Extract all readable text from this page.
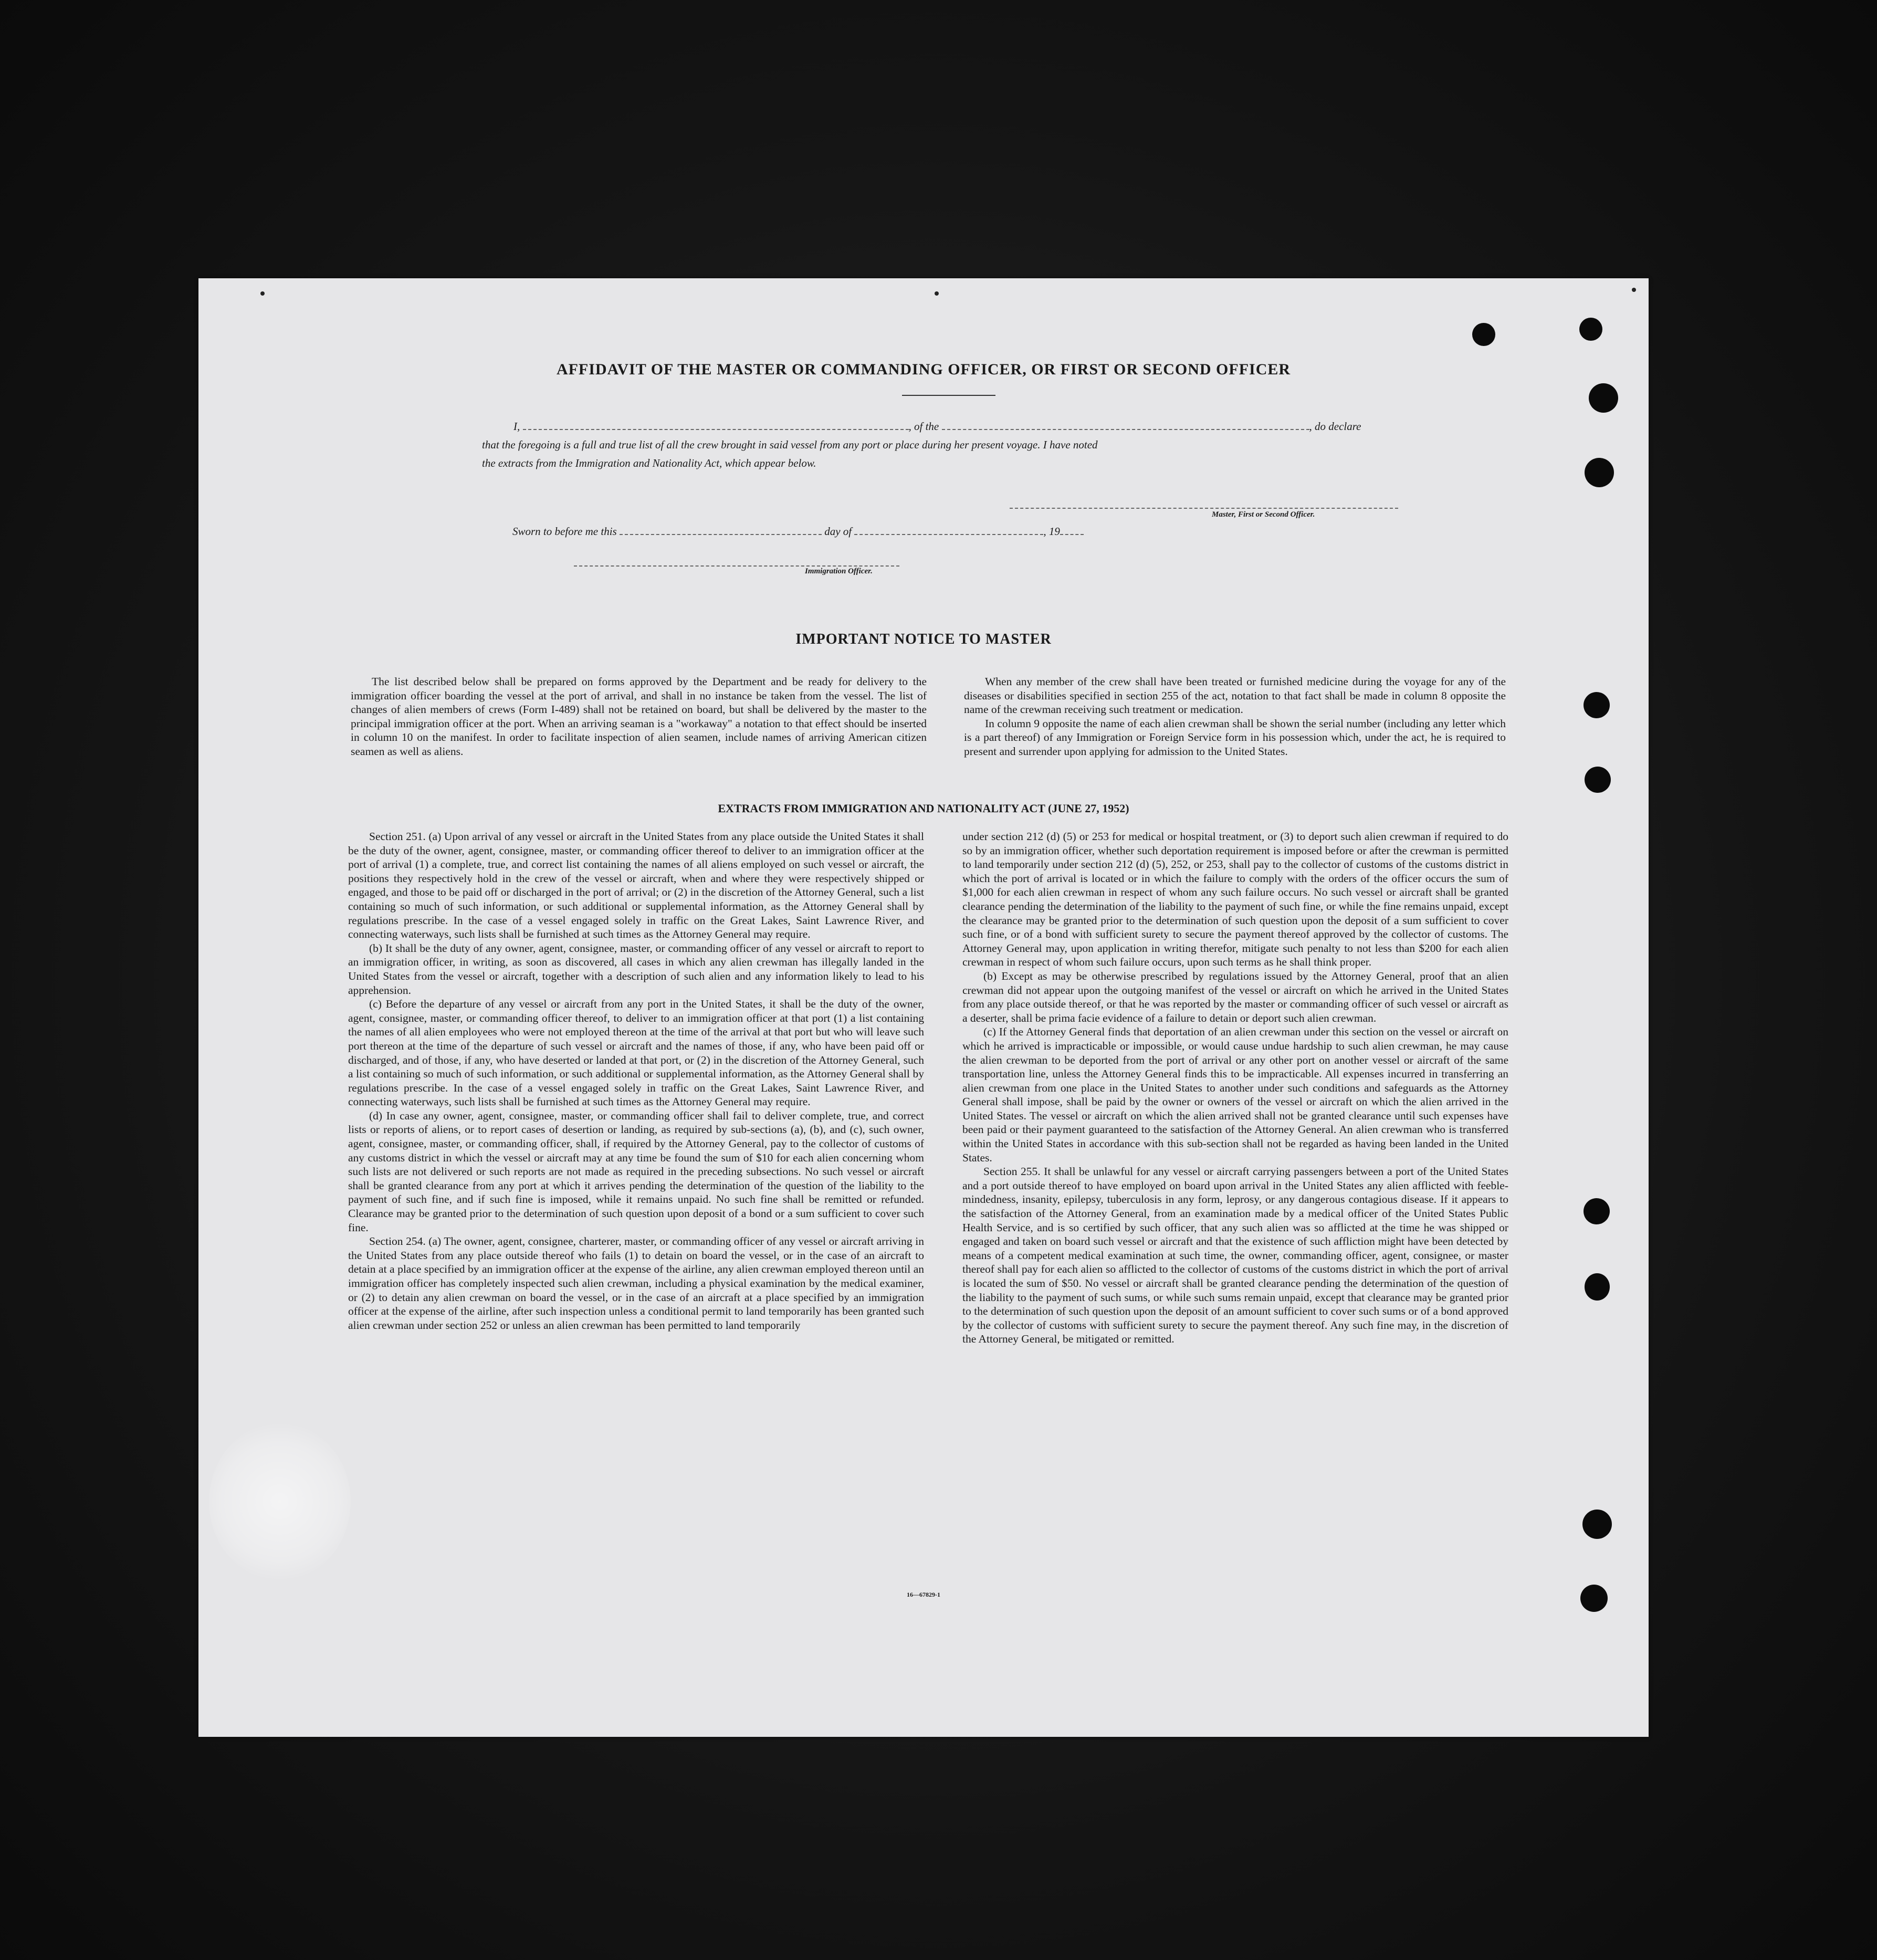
AFFIDAVIT OF THE MASTER OR COMMANDING OFFICER, OR FIRST OR SECOND OFFICER
I,	, of the	, do declare
that the foregoing is a full and true list of all the crew brought in said vessel from any port or place during her present voyage. I have noted
the extracts from the Immigration and Nationality Act, which appear below.
Master, First or Second Officer.
Sworn to before me this	day of	, 19
Immigration Officer.
IMPORTANT NOTICE TO MASTER

The list described below shall be prepared on forms approved by the Department and be ready for delivery to the immigration officer boarding the vessel at the port of arrival, and shall in no instance be taken from the vessel. The list of changes of alien members of crews (Form I-489) shall not be retained on board, but shall be delivered by the master to the principal immigration officer at the port. When an arriving seaman is a "workaway" a notation to that effect should be inserted in column 10 on the manifest. In order to facilitate inspection of alien seamen, include names of arriving American citizen seamen as well as aliens.

When any member of the crew shall have been treated or furnished medicine during the voyage for any of the diseases or disabilities specified in section 255 of the act, notation to that fact shall be made in column 8 opposite the name of the crewman receiving such treatment or medication.

In column 9 opposite the name of each alien crewman shall be shown the serial number (including any letter which is a part thereof) of any Immigration or Foreign Service form in his possession which, under the act, he is required to present and surrender upon applying for admission to the United States.

EXTRACTS FROM IMMIGRATION AND NATIONALITY ACT (JUNE 27, 1952)

Section 251. (a) Upon arrival of any vessel or aircraft in the United States from any place outside the United States it shall be the duty of the owner, agent, consignee, master, or commanding officer thereof to deliver to an immigration officer at the port of arrival (1) a complete, true, and correct list containing the names of all aliens employed on such vessel or aircraft, the positions they respectively hold in the crew of the vessel or aircraft, when and where they were respectively shipped or engaged, and those to be paid off or discharged in the port of arrival; or (2) in the discretion of the Attorney General, such a list containing so much of such information, or such additional or supplemental information, as the Attorney General shall by regulations prescribe. In the case of a vessel engaged solely in traffic on the Great Lakes, Saint Lawrence River, and connecting waterways, such lists shall be furnished at such times as the Attorney General may require.

(b) It shall be the duty of any owner, agent, consignee, master, or commanding officer of any vessel or aircraft to report to an immigration officer, in writing, as soon as discovered, all cases in which any alien crewman has illegally landed in the United States from the vessel or aircraft, together with a description of such alien and any information likely to lead to his apprehension.

(c) Before the departure of any vessel or aircraft from any port in the United States, it shall be the duty of the owner, agent, consignee, master, or commanding officer thereof, to deliver to an immigration officer at that port (1) a list containing the names of all alien employees who were not employed thereon at the time of the arrival at that port but who will leave such port thereon at the time of the departure of such vessel or aircraft and the names of those, if any, who have been paid off or discharged, and of those, if any, who have deserted or landed at that port, or (2) in the discretion of the Attorney General, such a list containing so much of such information, or such additional or supplemental information, as the Attorney General shall by regulations prescribe. In the case of a vessel engaged solely in traffic on the Great Lakes, Saint Lawrence River, and connecting waterways, such lists shall be furnished at such times as the Attorney General may require.

(d) In case any owner, agent, consignee, master, or commanding officer shall fail to deliver complete, true, and correct lists or reports of aliens, or to report cases of desertion or landing, as required by sub-sections (a), (b), and (c), such owner, agent, consignee, master, or commanding officer, shall, if required by the Attorney General, pay to the collector of customs of any customs district in which the vessel or aircraft may at any time be found the sum of $10 for each alien concerning whom such lists are not delivered or such reports are not made as required in the preceding subsections. No such vessel or aircraft shall be granted clearance from any port at which it arrives pending the determination of the question of the liability to the payment of such fine, and if such fine is imposed, while it remains unpaid. No such fine shall be remitted or refunded. Clearance may be granted prior to the determination of such question upon deposit of a bond or a sum sufficient to cover such fine.

Section 254. (a) The owner, agent, consignee, charterer, master, or commanding officer of any vessel or aircraft arriving in the United States from any place outside thereof who fails (1) to detain on board the vessel, or in the case of an aircraft to detain at a place specified by an immigration officer at the expense of the airline, any alien crewman employed thereon until an immigration officer has completely inspected such alien crewman, including a physical examination by the medical examiner, or (2) to detain any alien crewman on board the vessel, or in the case of an aircraft at a place specified by an immigration officer at the expense of the airline, after such inspection unless a conditional permit to land temporarily has been granted such alien crewman under section 252 or unless an alien crewman has been permitted to land temporarily

under section 212 (d) (5) or 253 for medical or hospital treatment, or (3) to deport such alien crewman if required to do so by an immigration officer, whether such deportation requirement is imposed before or after the crewman is permitted to land temporarily under section 212 (d) (5), 252, or 253, shall pay to the collector of customs of the customs district in which the port of arrival is located or in which the failure to comply with the orders of the officer occurs the sum of $1,000 for each alien crewman in respect of whom any such failure occurs. No such vessel or aircraft shall be granted clearance pending the determination of the liability to the payment of such fine, or while the fine remains unpaid, except the clearance may be granted prior to the determination of such question upon the deposit of a sum sufficient to cover such fine, or of a bond with sufficient surety to secure the payment thereof approved by the collector of customs. The Attorney General may, upon application in writing therefor, mitigate such penalty to not less than $200 for each alien crewman in respect of whom such failure occurs, upon such terms as he shall think proper.

(b) Except as may be otherwise prescribed by regulations issued by the Attorney General, proof that an alien crewman did not appear upon the outgoing manifest of the vessel or aircraft on which he arrived in the United States from any place outside thereof, or that he was reported by the master or commanding officer of such vessel or aircraft as a deserter, shall be prima facie evidence of a failure to detain or deport such alien crewman.

(c) If the Attorney General finds that deportation of an alien crewman under this section on the vessel or aircraft on which he arrived is impracticable or impossible, or would cause undue hardship to such alien crewman, he may cause the alien crewman to be deported from the port of arrival or any other port on another vessel or aircraft of the same transportation line, unless the Attorney General finds this to be impracticable. All expenses incurred in transferring an alien crewman from one place in the United States to another under such conditions and safeguards as the Attorney General shall impose, shall be paid by the owner or owners of the vessel or aircraft on which the alien arrived in the United States. The vessel or aircraft on which the alien arrived shall not be granted clearance until such expenses have been paid or their payment guaranteed to the satisfaction of the Attorney General. An alien crewman who is transferred within the United States in accordance with this sub-section shall not be regarded as having been landed in the United States.

Section 255. It shall be unlawful for any vessel or aircraft carrying passengers between a port of the United States and a port outside thereof to have employed on board upon arrival in the United States any alien afflicted with feeble-mindedness, insanity, epilepsy, tuberculosis in any form, leprosy, or any dangerous contagious disease. If it appears to the satisfaction of the Attorney General, from an examination made by a medical officer of the United States Public Health Service, and is so certified by such officer, that any such alien was so afflicted at the time he was shipped or engaged and taken on board such vessel or aircraft and that the existence of such affliction might have been detected by means of a competent medical examination at such time, the owner, commanding officer, agent, consignee, or master thereof shall pay for each alien so afflicted to the collector of customs of the customs district in which the port of arrival is located the sum of $50. No vessel or aircraft shall be granted clearance pending the determination of the question of the liability to the payment of such sums, or while such sums remain unpaid, except that clearance may be granted prior to the determination of such question upon the deposit of an amount sufficient to cover such sums or of a bond approved by the collector of customs with sufficient surety to secure the payment thereof. Any such fine may, in the discretion of the Attorney General, be mitigated or remitted.

16—67829-1
